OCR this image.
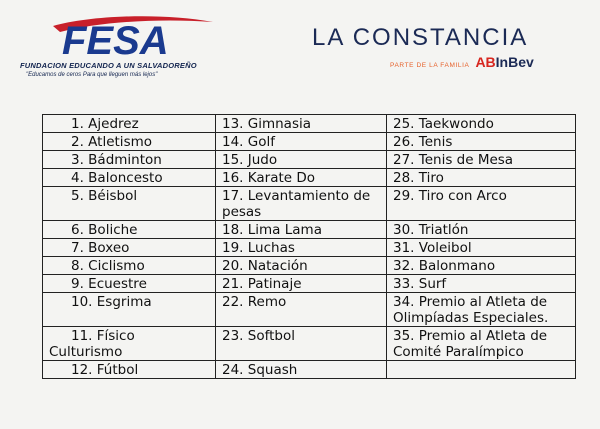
FESA
FUNDACION EDUCANDO A UN SALVADOREÑO
"Educamos de ceros Para que lleguen más lejos"
LA CONSTANCIA
PARTE DE LA FAMILIA ABInBev
1. Ajedrez	13. Gimnasia	25. Taekwondo
2. Atletismo	14. Golf	26. Tenis
3. Bádminton	15. Judo	27. Tenis de Mesa
4. Baloncesto	16. Karate Do	28. Tiro
5. Béisbol	17. Levantamiento de pesas	29. Tiro con Arco
6. Boliche	18. Lima Lama	30. Triatlón
7. Boxeo	19. Luchas	31. Voleibol
8. Ciclismo	20. Natación	32. Balonmano
9. Ecuestre	21. Patinaje	33. Surf
10. Esgrima	22. Remo	34. Premio al Atleta de Olimpíadas Especiales.
11. Físico Culturismo	23. Softbol	35. Premio al Atleta de Comité Paralímpico
12. Fútbol	24. Squash	
